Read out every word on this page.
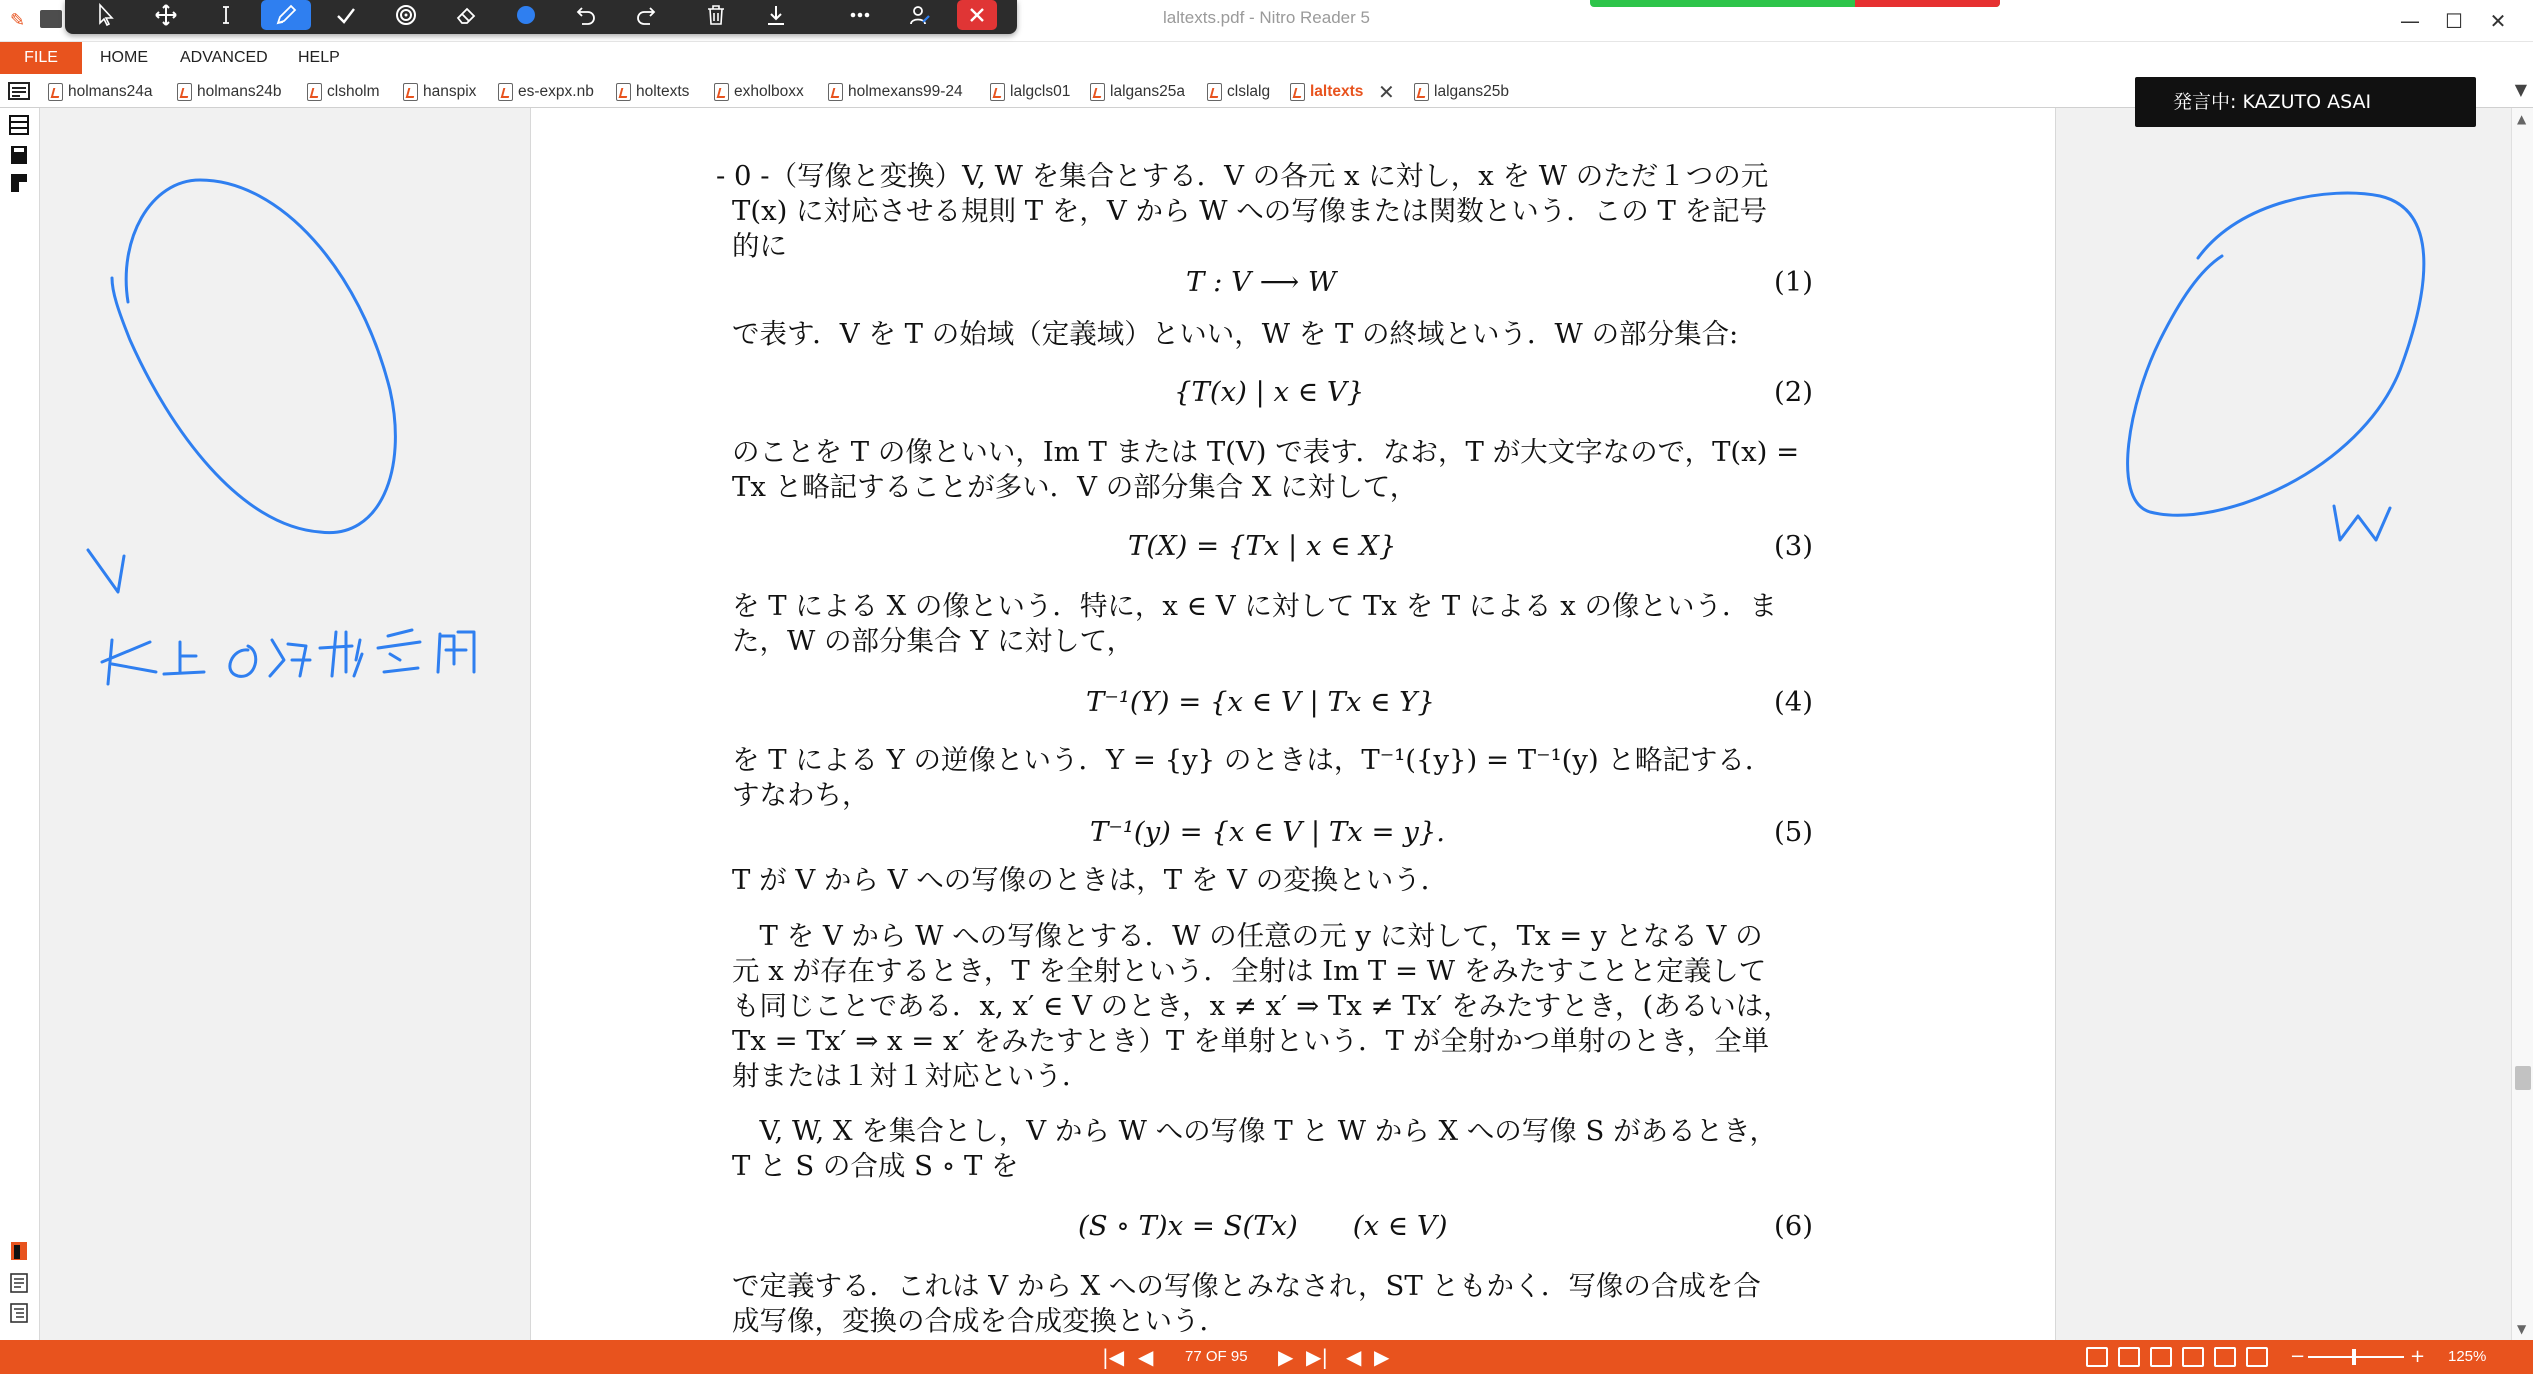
✎	laltexts.pdf - Nitro Reader 5	—	☐	✕
FILE	HOME ADVANCED HELP
holmans24a	holmans24b	clsholm	hanspix	es-expx.nb	holtexts	exholboxx	holmexans99-24	lalgcls01	lalgans25a	clslalg	laltexts ✕	lalgans25b	▼
- 0 -（写像と変換）V, W を集合とする．V の各元 x に対し，x を W のただ１つの元
T(x) に対応させる規則 T を，V から W への写像または関数という．この T を記号
的に
T : V ⟶ W	(1)
で表す．V を T の始域（定義域）といい，W を T の終域という．W の部分集合:
{T(x) | x ∈ V}	(2)
のことを T の像といい，Im T または T(V) で表す．なお，T が大文字なので，T(x) =
Tx と略記することが多い．V の部分集合 X に対して，
T(X) = {Tx | x ∈ X}	(3)
を T による X の像という．特に，x ∈ V に対して Tx を T による x の像という．ま
た，W の部分集合 Y に対して，
T⁻¹(Y) = {x ∈ V | Tx ∈ Y}	(4)
を T による Y の逆像という．Y = {y} のときは，T⁻¹({y}) = T⁻¹(y) と略記する．
すなわち，
T⁻¹(y) = {x ∈ V | Tx = y}.	(5)
T が V から V への写像のときは，T を V の変換という．
　T を V から W への写像とする．W の任意の元 y に対して，Tx = y となる V の
元 x が存在するとき，T を全射という．全射は Im T = W をみたすことと定義して
も同じことである．x, x′ ∈ V のとき，x ≠ x′ ⇒ Tx ≠ Tx′ をみたすとき，(あるいは，
Tx = Tx′ ⇒ x = x′ をみたすとき）T を単射という．T が全射かつ単射のとき，全単
射または１対１対応という．
　V, W, X を集合とし，V から W への写像 T と W から X への写像 S があるとき，
T と S の合成 S ∘ T を
(S ∘ T)x = S(Tx)　　(x ∈ V)	(6)
で定義する．これは V から X への写像とみなされ，ST ともかく．写像の合成を合
成写像，変換の合成を合成変換という．
発言中: KAZUTO ASAI
▲
▼
|◀ ◀ 77 OF 95 ▶ ▶| ◀ ▶	−	+ 125%
